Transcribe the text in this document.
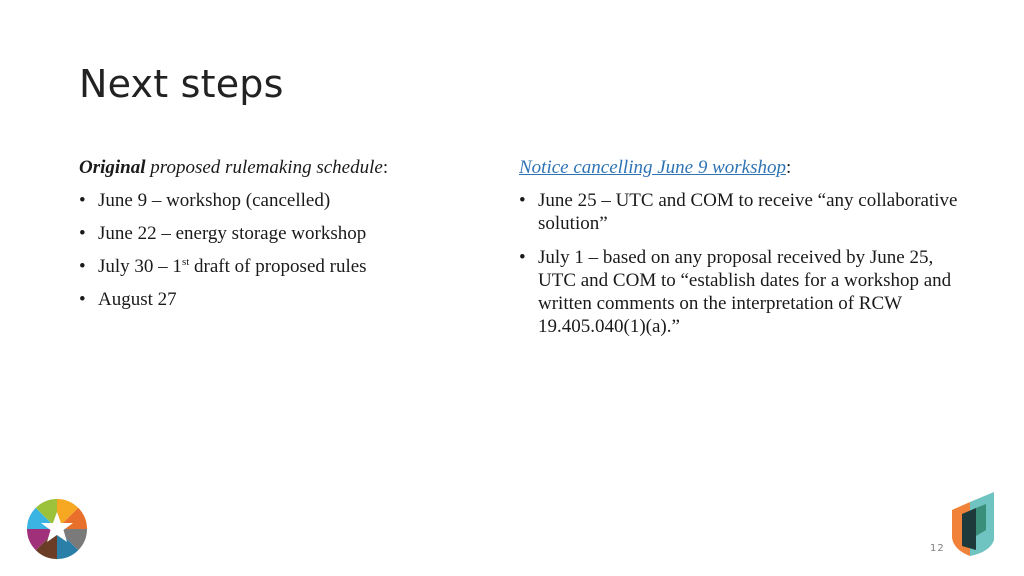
Next steps

Original proposed rulemaking schedule:

• June 9 – workshop (cancelled)
• June 22 – energy storage workshop
• July 30 – 1st draft of proposed rules
• August 27

Notice cancelling June 9 workshop:

• June 25 – UTC and COM to receive “any collaborative solution”
• July 1 – based on any proposal received by June 25, UTC and COM to “establish dates for a workshop and written comments on the interpretation of RCW 19.405.040(1)(a).”
12
